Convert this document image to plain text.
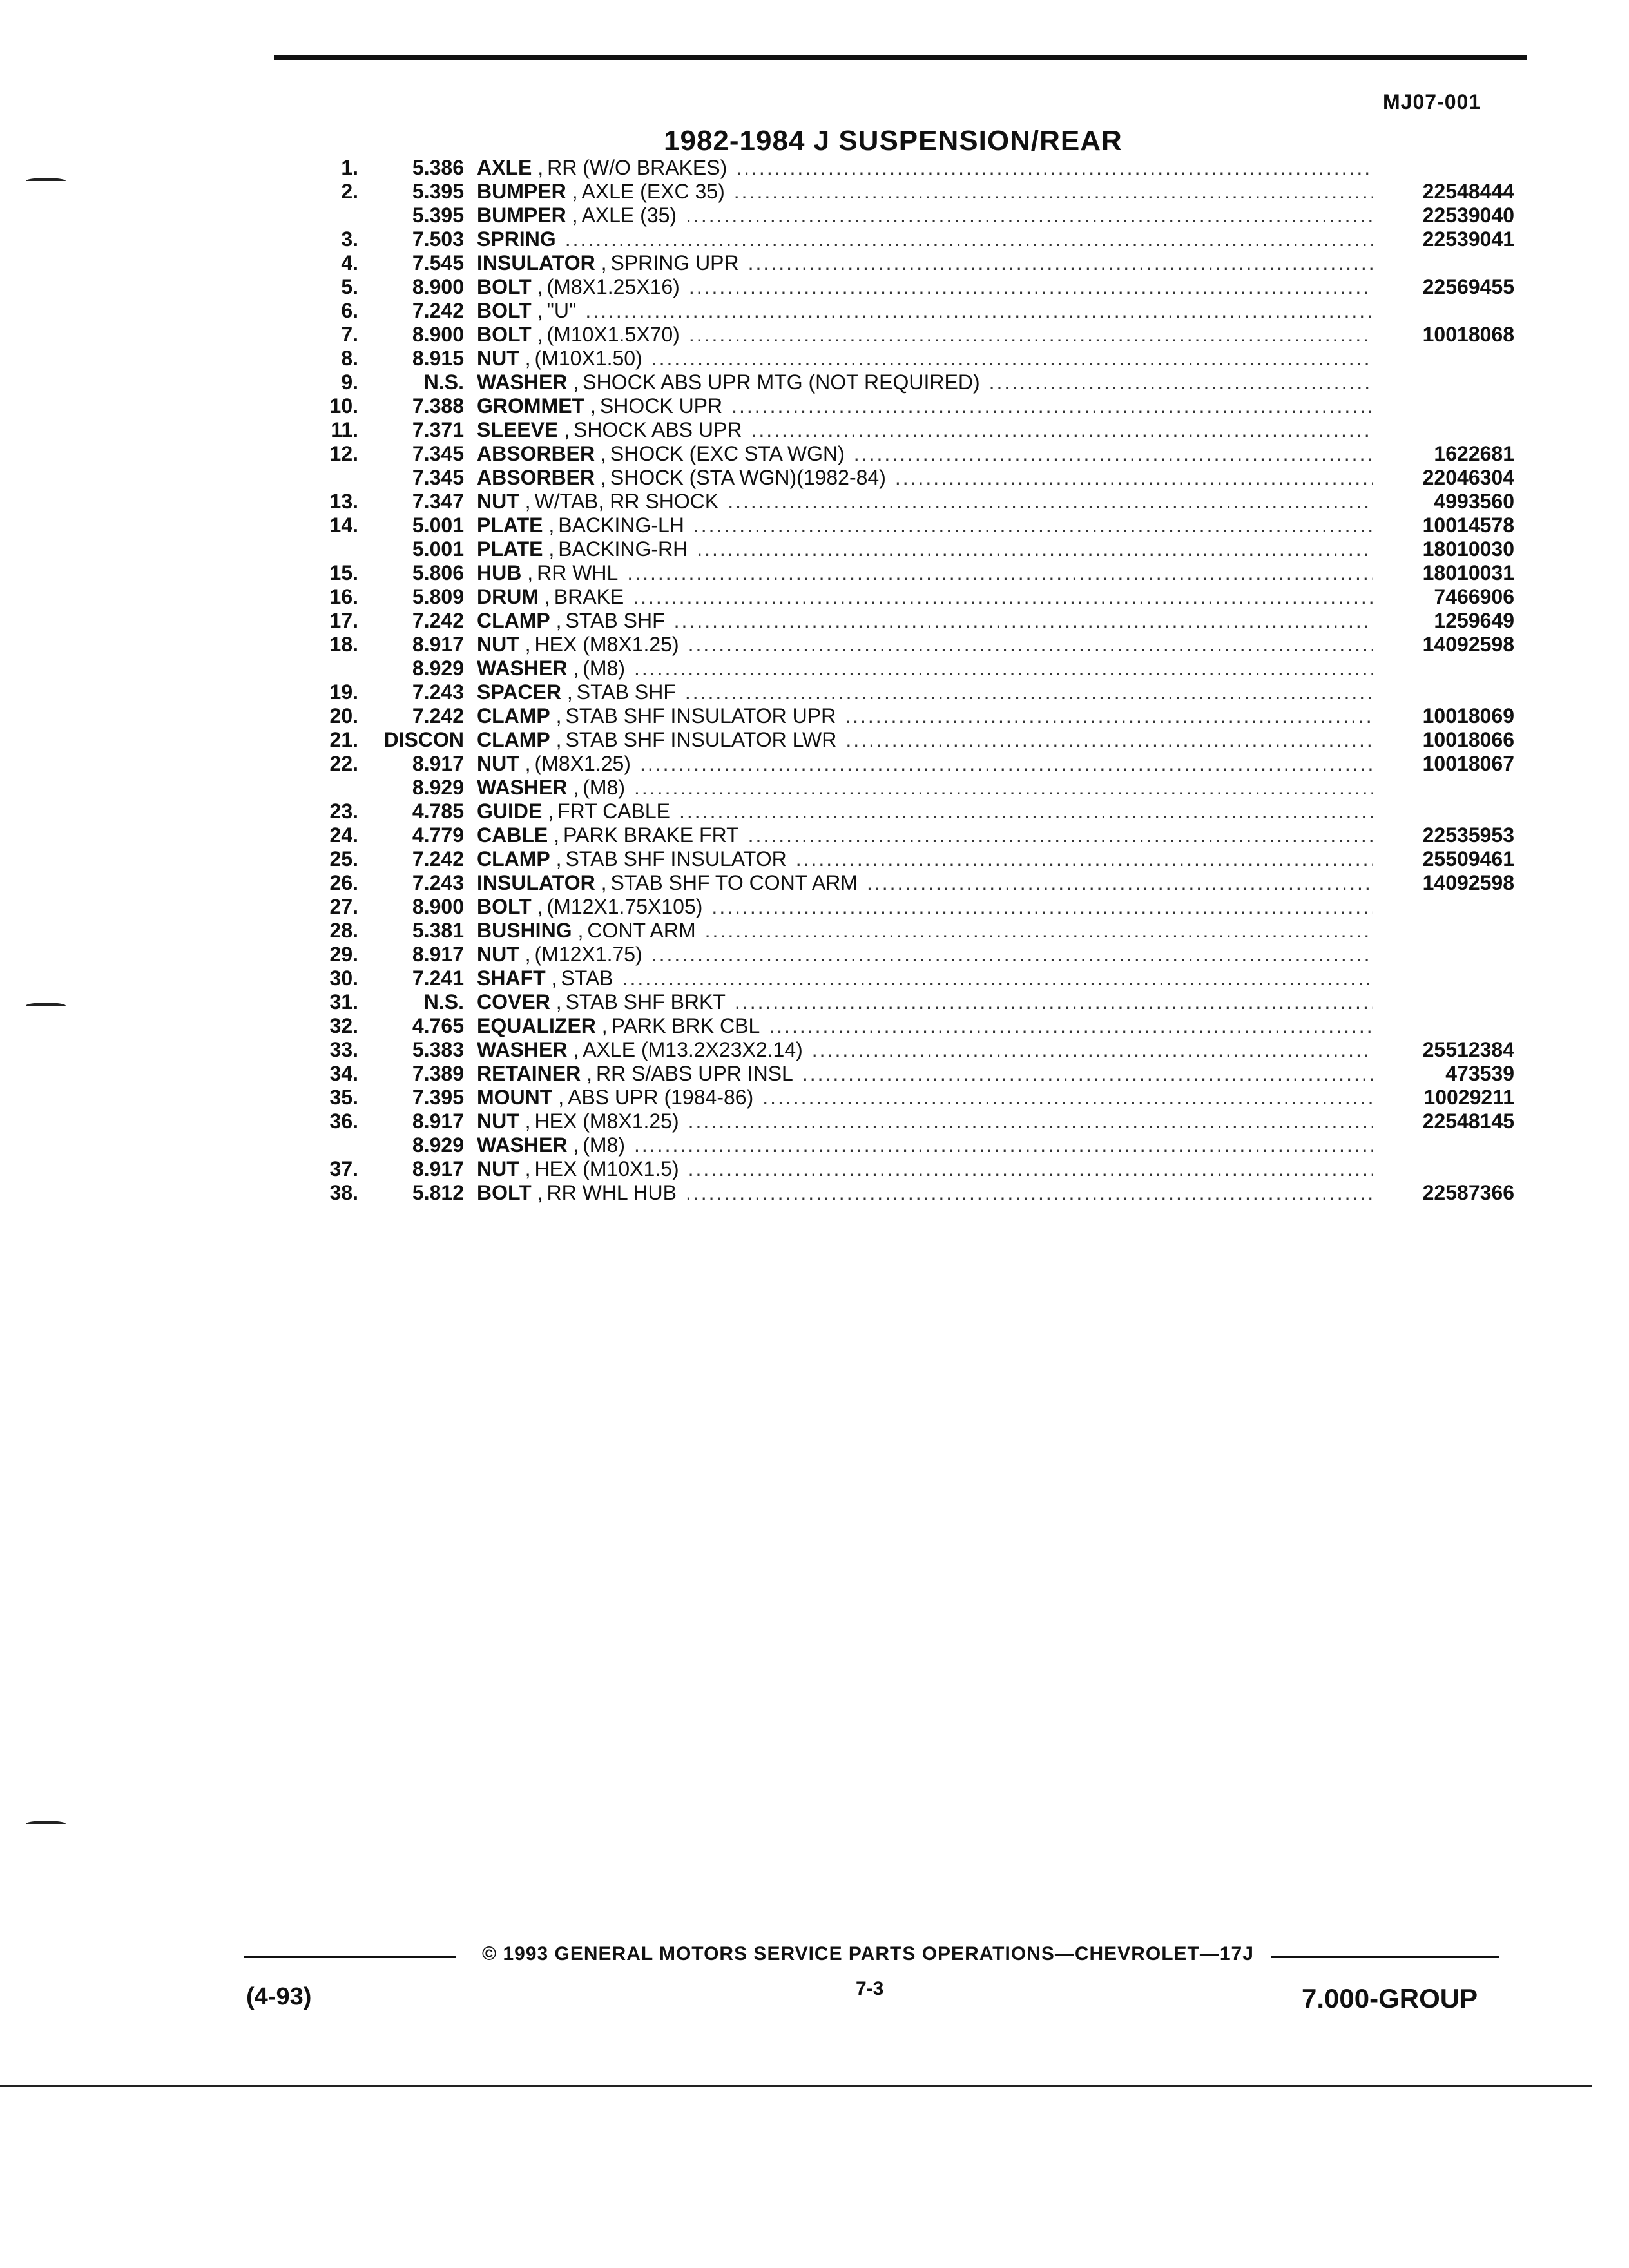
MJ07-001
1982-1984 J SUSPENSION/REAR
1.	5.386 AXLE , RR (W/O BRAKES)
.....
2.	5.395 BUMPER , AXLE (EXC 35) .....	22548444
5.395 BUMPER , AXLE (35) .....	22539040
3.	7.503 SPRING .....	22539041
4.	7.545 INSULATOR , SPRING UPR
.....
5.	8.900 BOLT , (M8X1.25X16) .....	22569455
6.	7.242 BOLT , "U"
.....
7.	8.900 BOLT , (M10X1.5X70) .....	10018068
8.	8.915 NUT , (M10X1.50)
.....
9.	N.S. WASHER , SHOCK ABS UPR MTG (NOT REQUIRED)
.....
10.	7.388 GROMMET , SHOCK UPR
.....
11.	7.371 SLEEVE , SHOCK ABS UPR
.....
12.	7.345 ABSORBER , SHOCK (EXC STA WGN) .....	1622681
7.345 ABSORBER , SHOCK (STA WGN)(1982-84) .....	22046304
13.	7.347 NUT , W/TAB, RR SHOCK .....	4993560
14.	5.001 PLATE , BACKING-LH .....	10014578
5.001 PLATE , BACKING-RH .....	18010030
15.	5.806 HUB , RR WHL .....	18010031
16.	5.809 DRUM , BRAKE .....	7466906
17.	7.242 CLAMP , STAB SHF .....	1259649
18.	8.917 NUT , HEX (M8X1.25) .....	14092598
8.929 WASHER , (M8)
.....
19.	7.243 SPACER , STAB SHF
.....
20.	7.242 CLAMP , STAB SHF INSULATOR UPR .....	10018069
21. DISCON CLAMP , STAB SHF INSULATOR LWR .....	10018066
22.	8.917 NUT , (M8X1.25) .....	10018067
8.929 WASHER , (M8)
.....
23.	4.785 GUIDE , FRT CABLE
.....
24.	4.779 CABLE , PARK BRAKE FRT .....	22535953
25.	7.242 CLAMP , STAB SHF INSULATOR .....	25509461
26.	7.243 INSULATOR , STAB SHF TO CONT ARM .....	14092598
27.	8.900 BOLT , (M12X1.75X105)
.....
28.	5.381 BUSHING , CONT ARM
.....
29.	8.917 NUT , (M12X1.75)
.....
30.	7.241 SHAFT , STAB
.....
31.	N.S. COVER , STAB SHF BRKT
.....
32.	4.765 EQUALIZER , PARK BRK CBL
.....
33.	5.383 WASHER , AXLE (M13.2X23X2.14) .....	25512384
34.	7.389 RETAINER , RR S/ABS UPR INSL .....	473539
35.	7.395 MOUNT , ABS UPR (1984-86) .....	10029211
36.	8.917 NUT , HEX (M8X1.25) .....	22548145
8.929 WASHER , (M8)
.....
37.	8.917 NUT , HEX (M10X1.5)
.....
38.	5.812 BOLT , RR WHL HUB .....	22587366
© 1993 GENERAL MOTORS SERVICE PARTS OPERATIONS—CHEVROLET—17J
(4-93)	7-3	7.000-GROUP
